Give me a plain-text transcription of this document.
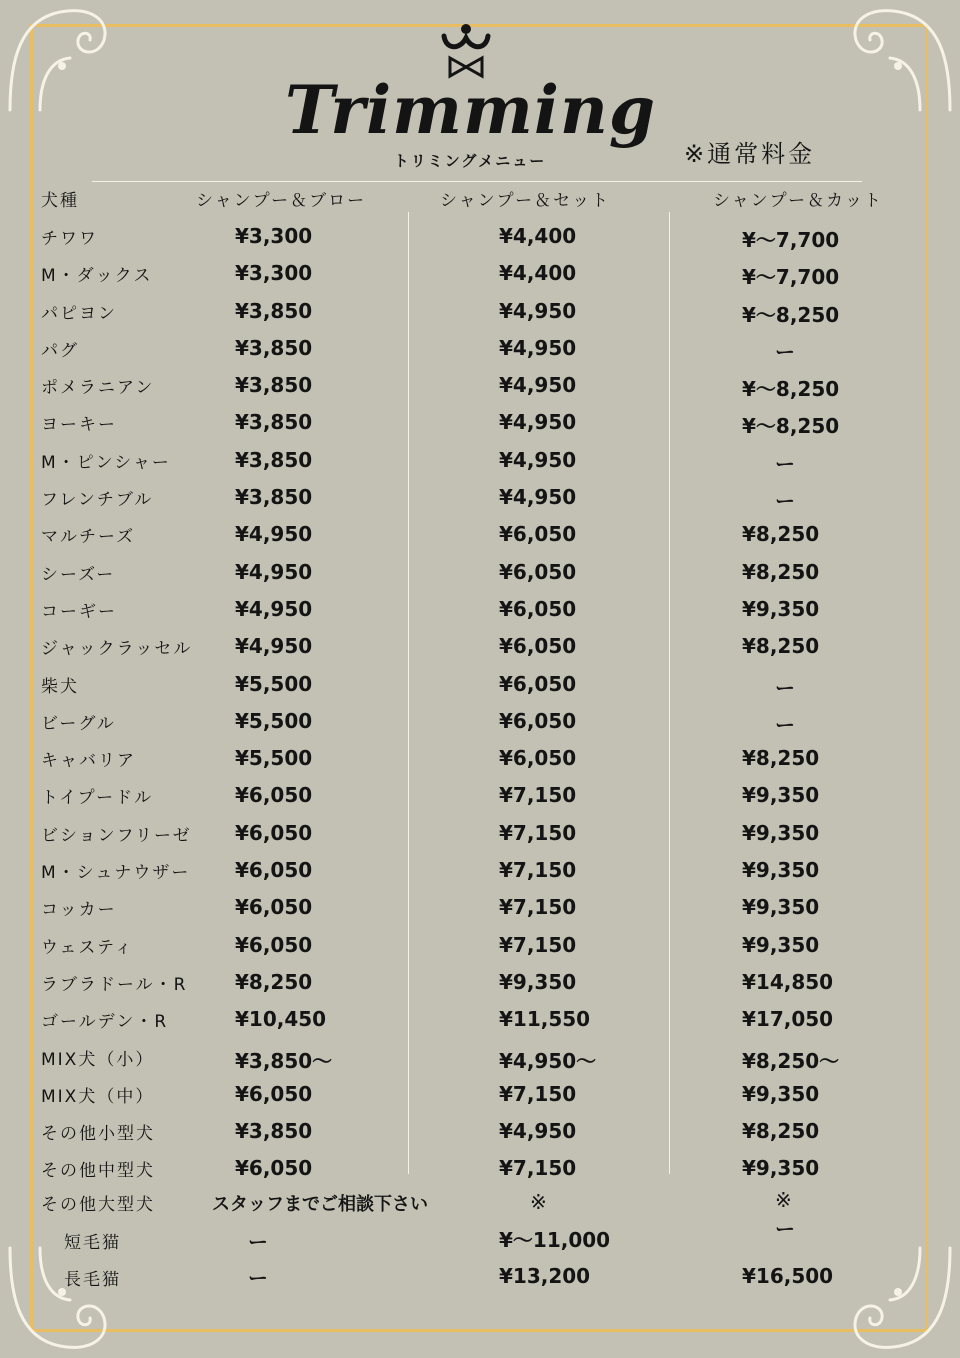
Trimming
トリミングメニュー	※通常料金
犬種	シャンプー＆ブロー	シャンプー＆セット	シャンプー＆カット
チワワ	¥3,300	¥4,400	¥～7,700
M・ダックス	¥3,300	¥4,400	¥～7,700
パピヨン	¥3,850	¥4,950	¥～8,250
パグ	¥3,850	¥4,950	ー
ポメラニアン	¥3,850	¥4,950	¥～8,250
ヨーキー	¥3,850	¥4,950	¥～8,250
M・ピンシャー	¥3,850	¥4,950	ー
フレンチブル	¥3,850	¥4,950	ー
マルチーズ	¥4,950	¥6,050	¥8,250
シーズー	¥4,950	¥6,050	¥8,250
コーギー	¥4,950	¥6,050	¥9,350
ジャックラッセル ¥4,950	¥6,050	¥8,250
柴犬	¥5,500	¥6,050	ー
ビーグル	¥5,500	¥6,050	ー
キャバリア	¥5,500	¥6,050	¥8,250
トイプードル	¥6,050	¥7,150	¥9,350
ビションフリーゼ ¥6,050	¥7,150	¥9,350
M・シュナウザー ¥6,050	¥7,150	¥9,350
コッカー	¥6,050	¥7,150	¥9,350
ウェスティ	¥6,050	¥7,150	¥9,350
ラブラドール・R ¥8,250	¥9,350	¥14,850
ゴールデン・R	¥10,450	¥11,550	¥17,050
MIX犬（小）	¥3,850～	¥4,950～	¥8,250～
MIX犬（中）	¥6,050	¥7,150	¥9,350
その他小型犬	¥3,850	¥4,950	¥8,250
その他中型犬	¥6,050	¥7,150	¥9,350
その他大型犬	スタッフまでご相談下さい	※	※
短毛猫	ー	¥～11,000	ー
長毛猫	ー	¥13,200	¥16,500
